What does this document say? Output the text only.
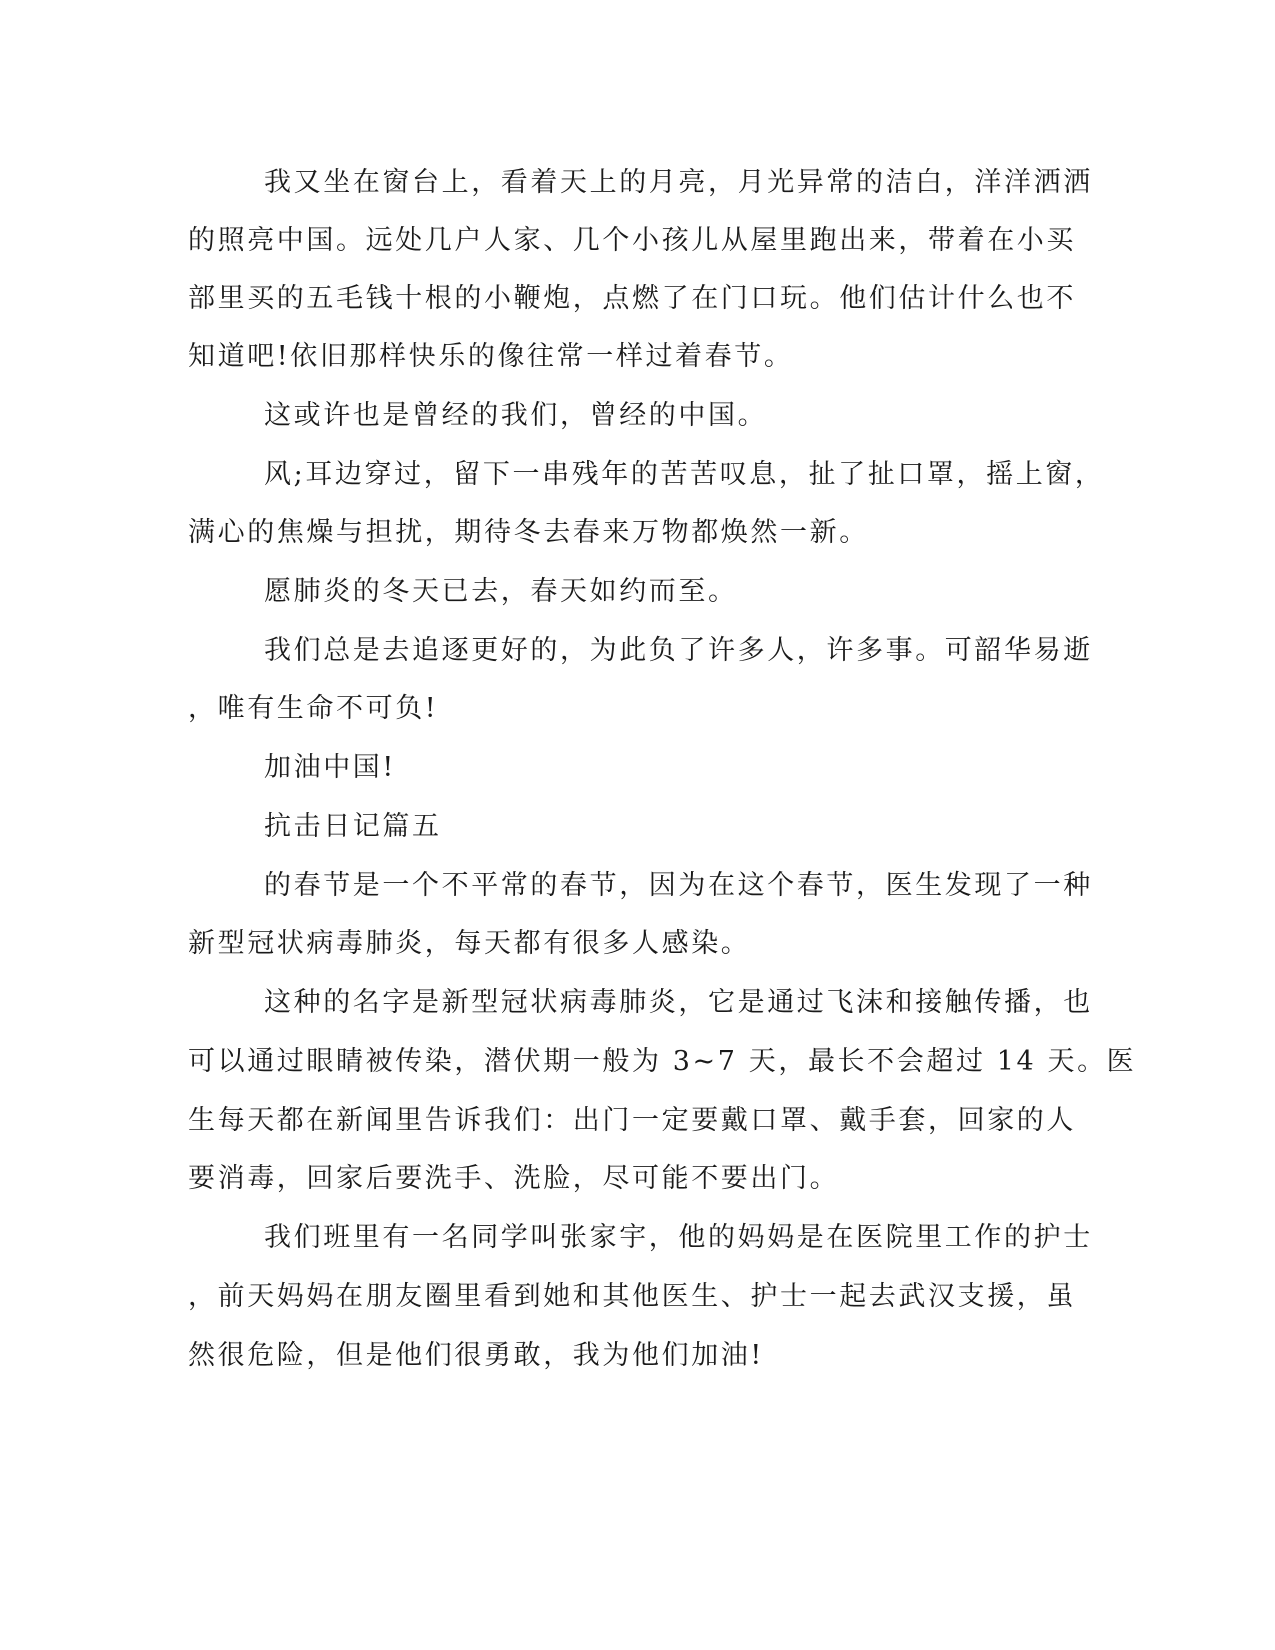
我又坐在窗台上，看着天上的月亮，月光异常的洁白，洋洋洒洒

的照亮中国。远处几户人家、几个小孩儿从屋里跑出来，带着在小买

部里买的五毛钱十根的小鞭炮，点燃了在门口玩。他们估计什么也不

知道吧!依旧那样快乐的像往常一样过着春节。

这或许也是曾经的我们，曾经的中国。

风;耳边穿过，留下一串残年的苦苦叹息，扯了扯口罩，摇上窗，

满心的焦燥与担扰，期待冬去春来万物都焕然一新。

愿肺炎的冬天已去，春天如约而至。

我们总是去追逐更好的，为此负了许多人，许多事。可韶华易逝

，唯有生命不可负!

加油中国!

抗击日记篇五

的春节是一个不平常的春节，因为在这个春节，医生发现了一种

新型冠状病毒肺炎，每天都有很多人感染。

这种的名字是新型冠状病毒肺炎，它是通过飞沫和接触传播，也

可以通过眼睛被传染，潜伏期一般为 3~7 天，最长不会超过 14 天。医

生每天都在新闻里告诉我们：出门一定要戴口罩、戴手套，回家的人

要消毒，回家后要洗手、洗脸，尽可能不要出门。

我们班里有一名同学叫张家宇，他的妈妈是在医院里工作的护士

，前天妈妈在朋友圈里看到她和其他医生、护士一起去武汉支援，虽

然很危险，但是他们很勇敢，我为他们加油!
